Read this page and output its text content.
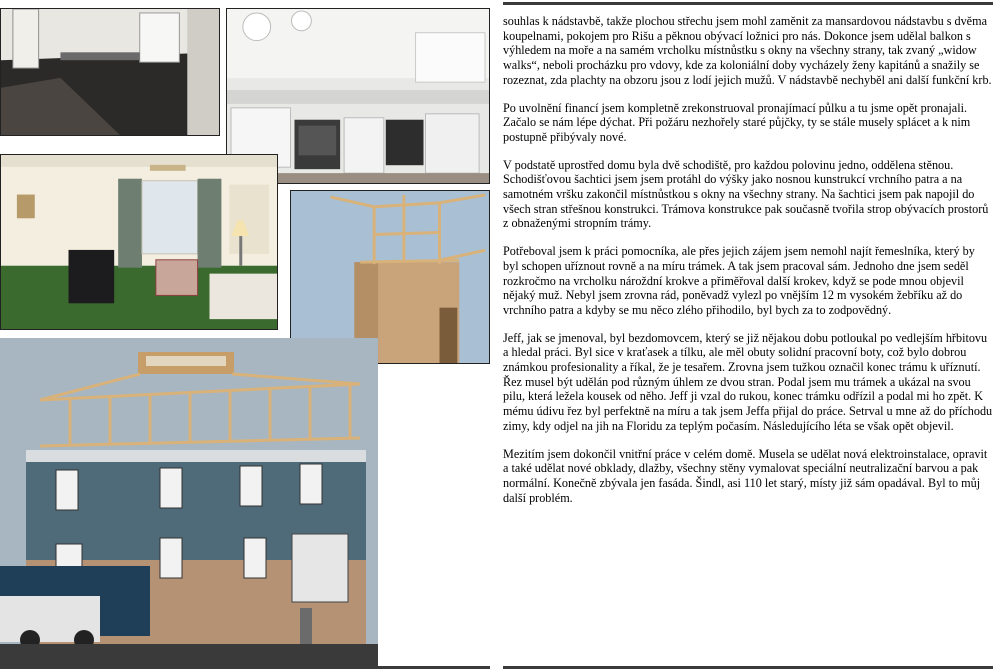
souhlas k nádstavbě, takže plochou střechu jsem mohl zaměnit za mansardovou nádstavbu s dvěma koupelnami, pokojem pro Rišu a pěknou obývací ložnici pro nás. Dokonce jsem udělal balkon s výhledem na moře a na samém vrcholku místnůstku s okny na všechny strany, tak zvaný „widow walks“, neboli procházku pro vdovy, kde za koloniální doby vycházely ženy kapitánů a snažily se rozeznat, zda plachty na obzoru jsou z lodí jejich mužů. V nádstavbě nechyběl ani další funkční krb.

Po uvolnění financí jsem kompletně zrekonstruoval pronajímací půlku a tu jsme opět pronajali. Začalo se nám lépe dýchat. Při požáru nezhořely staré půjčky, ty se stále musely splácet a k nim postupně přibývaly nové.

V podstatě uprostřed domu byla dvě schodiště, pro každou polovinu jedno, oddělena stěnou. Schodišťovou šachtici jsem jsem protáhl do výšky jako nosnou kunstrukcí vrchního patra a na samotném vršku zakončil místnůstkou s okny na všechny strany. Na šachtici jsem pak napojil do všech stran střešnou konstrukci. Trámova konstrukce pak současně tvořila strop obývacích prostorů z obnaženými stropním trámy.

Potřeboval jsem k práci pomocníka, ale přes jejich zájem jsem nemohl najít řemeslníka, který by byl schopen uříznout rovně a na míru trámek. A tak jsem pracoval sám. Jednoho dne jsem seděl rozkročmo na vrcholku nároždní krokve a přiměřoval další krokev, když se pode mnou objevil nějaký muž. Nebyl jsem zrovna rád, poněvadž vylezl po vnějším 12 m vysokém žebříku až do vrchního patra a kdyby se mu něco zlého přihodilo, byl bych za to zodpovědný.

Jeff, jak se jmenoval, byl bezdomovcem, který se již nějakou dobu potloukal po vedlejším hřbitovu a hledal práci. Byl sice v kraťasek a tílku, ale měl obuty solidní pracovní boty, což bylo dobrou známkou profesionality a říkal, že je tesařem. Zrovna jsem tužkou označil konec trámu k uříznutí. Řez musel být udělán pod různým úhlem ze dvou stran. Podal jsem mu trámek a ukázal na svou pilu, která ležela kousek od něho. Jeff ji vzal do rukou, konec trámku odřízil a podal mi ho zpět. K mému údivu řez byl perfektně na míru a tak jsem Jeffa přijal do práce. Setrval u mne až do příchodu zimy, kdy odjel na jih na Floridu za teplým počasím. Následujícího léta se však opět objevil.

Mezitím jsem dokončil vnitřní práce v celém domě. Musela se udělat nová elektroinstalace, opravit a také udělat nové obklady, dlažby, všechny stěny vymalovat speciální neutralizační barvou a pak normální. Konečně zbývala jen fasáda. Šindl, asi 110 let starý, místy již sám opadával. Byl to můj další problém.
